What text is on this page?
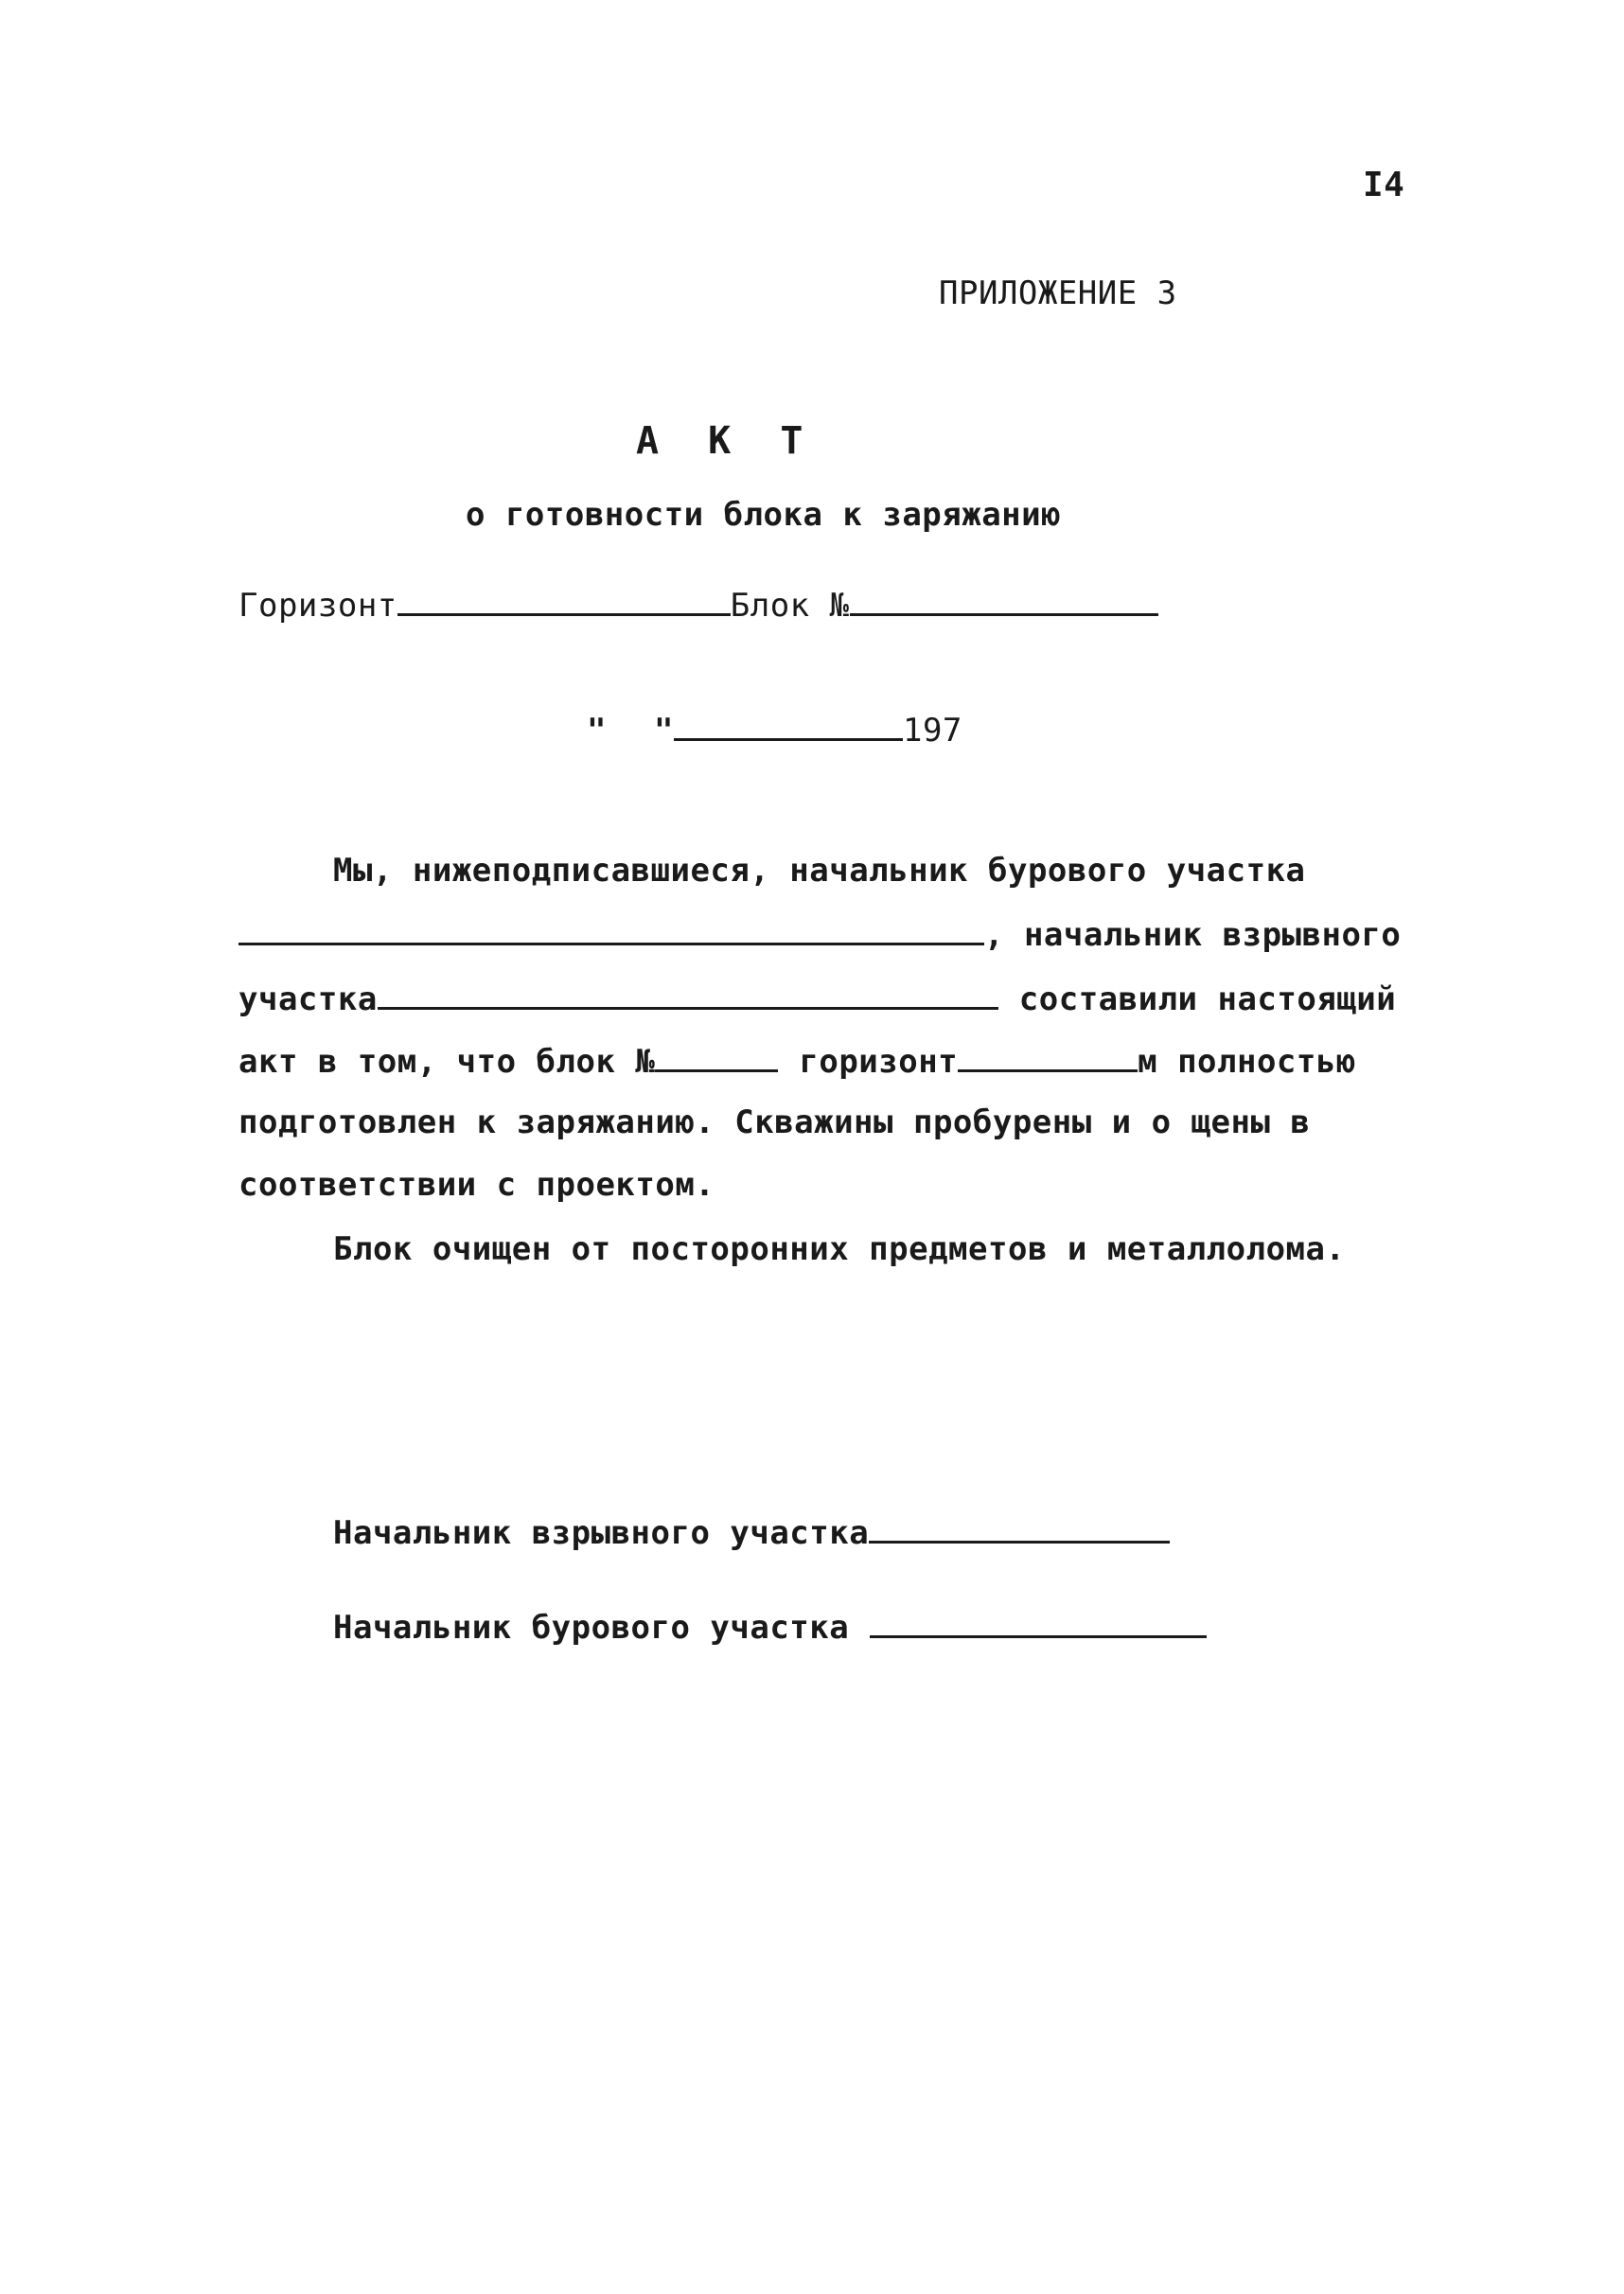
I4
ПРИЛОЖЕНИЕ 3
А К Т
о готовности блока к заряжанию
Горизонт	Блок №
" "	197
Мы, нижеподписавшиеся, начальник бурового участка
, начальник взрывного
участка	составили настоящий
акт в том, что блок №	горизонт	м полностью
подготовлен к заряжанию. Скважины пробурены и о щены в
соответствии с проектом.
Блок очищен от посторонних предметов и металлолома.
Начальник взрывного участка
Начальник бурового участка
